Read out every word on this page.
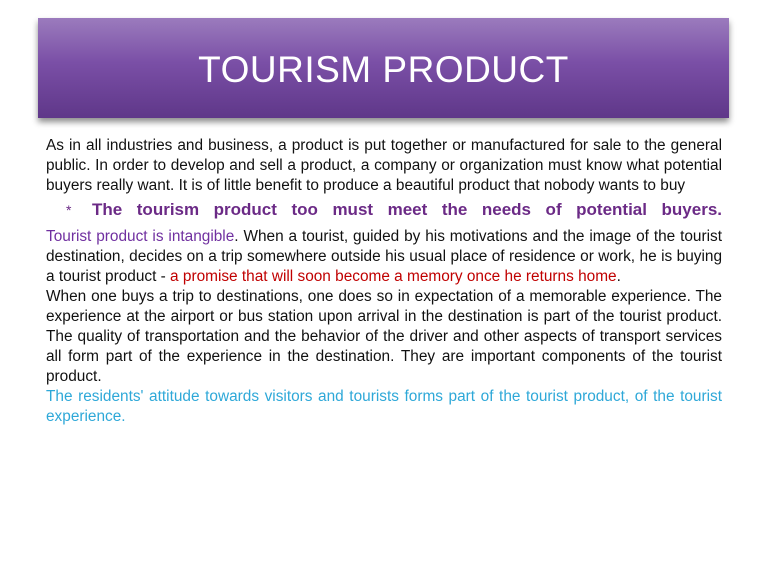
TOURISM PRODUCT

As in all industries and business, a product is put together or manufactured for sale to the general public. In order to develop and sell a product, a company or organization must know what potential buyers really want. It is of little benefit to produce a beautiful product that nobody wants to buy

*	The tourism product too must meet the needs of potential buyers.

Tourist product is intangible. When a tourist, guided by his motivations and the image of the tourist destination, decides on a trip somewhere outside his usual place of residence or work, he is buying a tourist product - a promise that will soon become a memory once he returns home.

When one buys a trip to destinations, one does so in expectation of a memorable experience. The experience at the airport or bus station upon arrival in the destination is part of the tourist product. The quality of transportation and the behavior of the driver and other aspects of transport services all form part of the experience in the destination. They are important components of the tourist product.

The residents' attitude towards visitors and tourists forms part of the tourist product, of the tourist experience.
